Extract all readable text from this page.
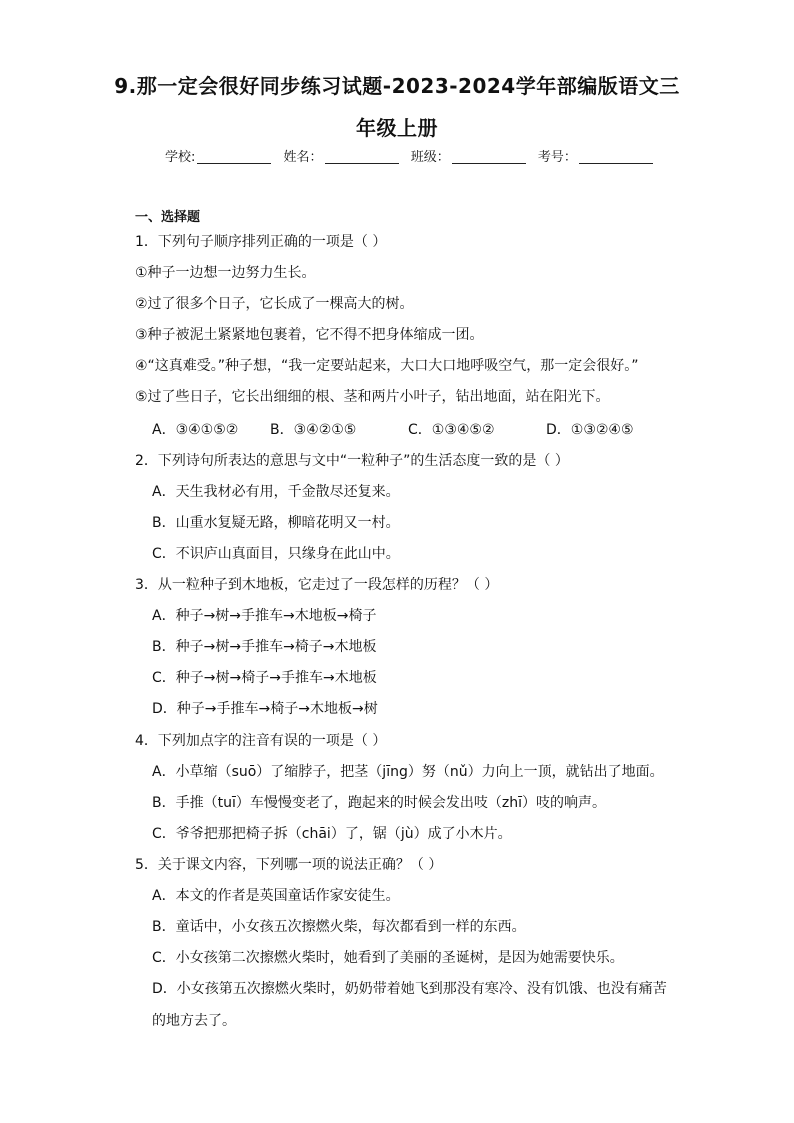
9.那一定会很好同步练习试题-2023-2024学年部编版语文三
年级上册
学校:	姓名：	班级：	考号：
一、选择题
1．下列句子顺序排列正确的一项是（ ）
①种子一边想一边努力生长。
②过了很多个日子，它长成了一棵高大的树。
③种子被泥土紧紧地包裹着，它不得不把身体缩成一团。
④“这真难受。”种子想，“我一定要站起来，大口大口地呼吸空气，那一定会很好。”
⑤过了些日子，它长出细细的根、茎和两片小叶子，钻出地面，站在阳光下。
A．③④①⑤② B．③④②①⑤	C．①③④⑤②	D．①③②④⑤
2．下列诗句所表达的意思与文中“一粒种子”的生活态度一致的是（ ）
A．天生我材必有用，千金散尽还复来。
B．山重水复疑无路，柳暗花明又一村。
C．不识庐山真面目，只缘身在此山中。
3．从一粒种子到木地板，它走过了一段怎样的历程？（ ）
A．种子→树→手推车→木地板→椅子
B．种子→树→手推车→椅子→木地板
C．种子→树→椅子→手推车→木地板
D．种子→手推车→椅子→木地板→树
4．下列加点字的注音有误的一项是（ ）
A．小草缩（suō）了缩脖子，把茎（jīng）努（nǔ）力向上一顶，就钻出了地面。
B．手推（tuī）车慢慢变老了，跑起来的时候会发出吱（zhī）吱的响声。
C．爷爷把那把椅子拆（chāi）了，锯（jù）成了小木片。
5．关于课文内容，下列哪一项的说法正确？（ ）
A．本文的作者是英国童话作家安徒生。
B．童话中，小女孩五次擦燃火柴，每次都看到一样的东西。
C．小女孩第二次擦燃火柴时，她看到了美丽的圣诞树，是因为她需要快乐。
D．小女孩第五次擦燃火柴时，奶奶带着她飞到那没有寒冷、没有饥饿、也没有痛苦
的地方去了。
